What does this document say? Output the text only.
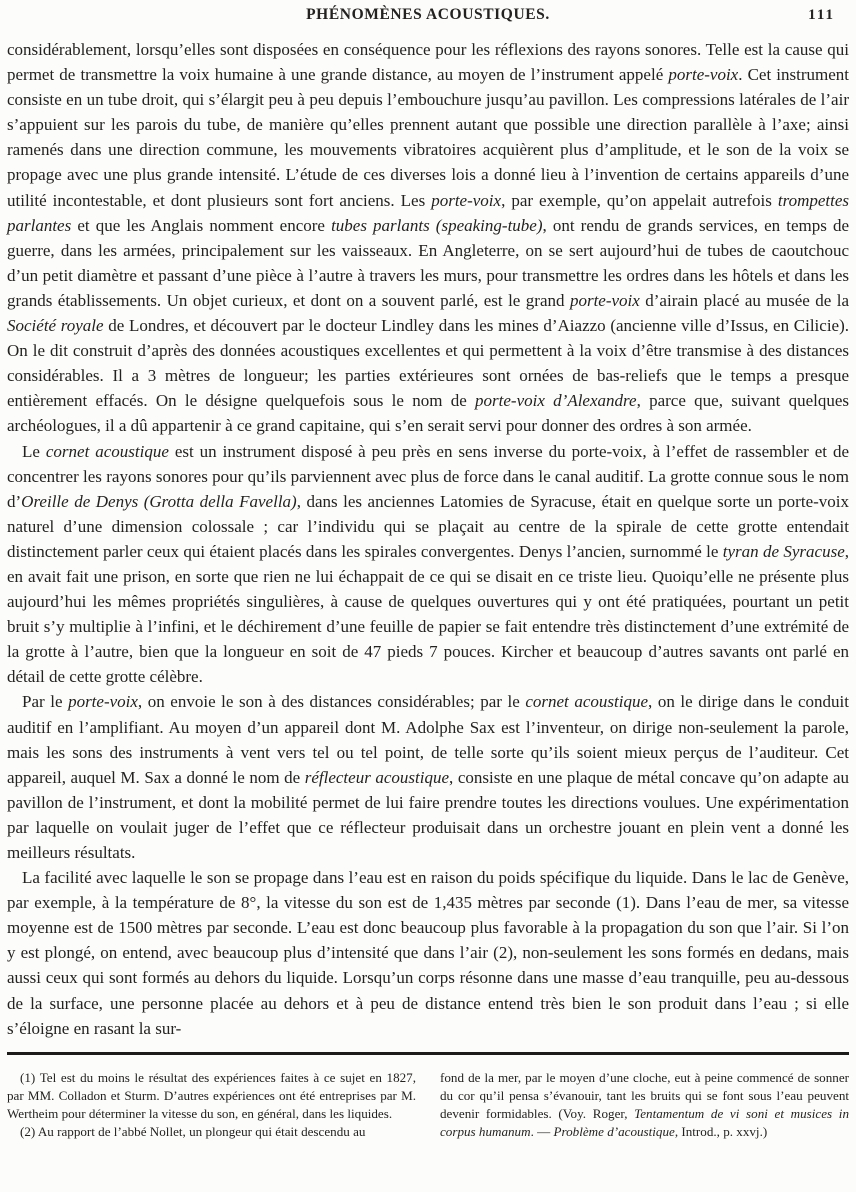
PHÉNOMÈNES ACOUSTIQUES.	111

considérablement, lorsqu’elles sont disposées en conséquence pour les réflexions des rayons sonores. Telle est la cause qui permet de transmettre la voix humaine à une grande distance, au moyen de l’instrument appelé porte-voix. Cet instrument consiste en un tube droit, qui s’élargit peu à peu depuis l’embouchure jusqu’au pavillon. Les compressions latérales de l’air s’appuient sur les parois du tube, de manière qu’elles prennent autant que possible une direction parallèle à l’axe; ainsi ramenés dans une direction commune, les mouvements vibratoires acquièrent plus d’amplitude, et le son de la voix se propage avec une plus grande intensité. L’étude de ces diverses lois a donné lieu à l’invention de certains appareils d’une utilité incontestable, et dont plusieurs sont fort anciens. Les porte-voix, par exemple, qu’on appelait autrefois trompettes parlantes et que les Anglais nomment encore tubes parlants (speaking-tube), ont rendu de grands services, en temps de guerre, dans les armées, principalement sur les vaisseaux. En Angleterre, on se sert aujourd’hui de tubes de caoutchouc d’un petit diamètre et passant d’une pièce à l’autre à travers les murs, pour transmettre les ordres dans les hôtels et dans les grands établissements. Un objet curieux, et dont on a souvent parlé, est le grand porte-voix d’airain placé au musée de la Société royale de Londres, et découvert par le docteur Lindley dans les mines d’Aiazzo (ancienne ville d’Issus, en Cilicie). On le dit construit d’après des données acoustiques excellentes et qui permettent à la voix d’être transmise à des distances considérables. Il a 3 mètres de longueur; les parties extérieures sont ornées de bas-reliefs que le temps a presque entièrement effacés. On le désigne quelquefois sous le nom de porte-voix d’Alexandre, parce que, suivant quelques archéologues, il a dû appartenir à ce grand capitaine, qui s’en serait servi pour donner des ordres à son armée.

Le cornet acoustique est un instrument disposé à peu près en sens inverse du porte-voix, à l’effet de rassembler et de concentrer les rayons sonores pour qu’ils parviennent avec plus de force dans le canal auditif. La grotte connue sous le nom d’Oreille de Denys (Grotta della Favella), dans les anciennes Latomies de Syracuse, était en quelque sorte un porte-voix naturel d’une dimension colossale ; car l’individu qui se plaçait au centre de la spirale de cette grotte entendait distinctement parler ceux qui étaient placés dans les spirales convergentes. Denys l’ancien, surnommé le tyran de Syracuse, en avait fait une prison, en sorte que rien ne lui échappait de ce qui se disait en ce triste lieu. Quoiqu’elle ne présente plus aujourd’hui les mêmes propriétés singulières, à cause de quelques ouvertures qui y ont été pratiquées, pourtant un petit bruit s’y multiplie à l’infini, et le déchirement d’une feuille de papier se fait entendre très distinctement d’une extrémité de la grotte à l’autre, bien que la longueur en soit de 47 pieds 7 pouces. Kircher et beaucoup d’autres savants ont parlé en détail de cette grotte célèbre.

Par le porte-voix, on envoie le son à des distances considérables; par le cornet acoustique, on le dirige dans le conduit auditif en l’amplifiant. Au moyen d’un appareil dont M. Adolphe Sax est l’inventeur, on dirige non-seulement la parole, mais les sons des instruments à vent vers tel ou tel point, de telle sorte qu’ils soient mieux perçus de l’auditeur. Cet appareil, auquel M. Sax a donné le nom de réflecteur acoustique, consiste en une plaque de métal concave qu’on adapte au pavillon de l’instrument, et dont la mobilité permet de lui faire prendre toutes les directions voulues. Une expérimentation par laquelle on voulait juger de l’effet que ce réflecteur produisait dans un orchestre jouant en plein vent a donné les meilleurs résultats.

La facilité avec laquelle le son se propage dans l’eau est en raison du poids spécifique du liquide. Dans le lac de Genève, par exemple, à la température de 8°, la vitesse du son est de 1,435 mètres par seconde (1). Dans l’eau de mer, sa vitesse moyenne est de 1500 mètres par seconde. L’eau est donc beaucoup plus favorable à la propagation du son que l’air. Si l’on y est plongé, on entend, avec beaucoup plus d’intensité que dans l’air (2), non-seulement les sons formés en dedans, mais aussi ceux qui sont formés au dehors du liquide. Lorsqu’un corps résonne dans une masse d’eau tranquille, peu au-dessous de la surface, une personne placée au dehors et à peu de distance entend très bien le son produit dans l’eau ; si elle s’éloigne en rasant la sur-

(1) Tel est du moins le résultat des expériences faites à ce sujet en 1827, par MM. Colladon et Sturm. D’autres expériences ont été entreprises par M. Wertheim pour déterminer la vitesse du son, en général, dans les liquides.

(2) Au rapport de l’abbé Nollet, un plongeur qui était descendu au

fond de la mer, par le moyen d’une cloche, eut à peine commencé de sonner du cor qu’il pensa s’évanouir, tant les bruits qui se font sous l’eau peuvent devenir formidables. (Voy. Roger, Tentamentum de vi soni et musices in corpus humanum. — Problème d’acoustique, Introd., p. xxvj.)
